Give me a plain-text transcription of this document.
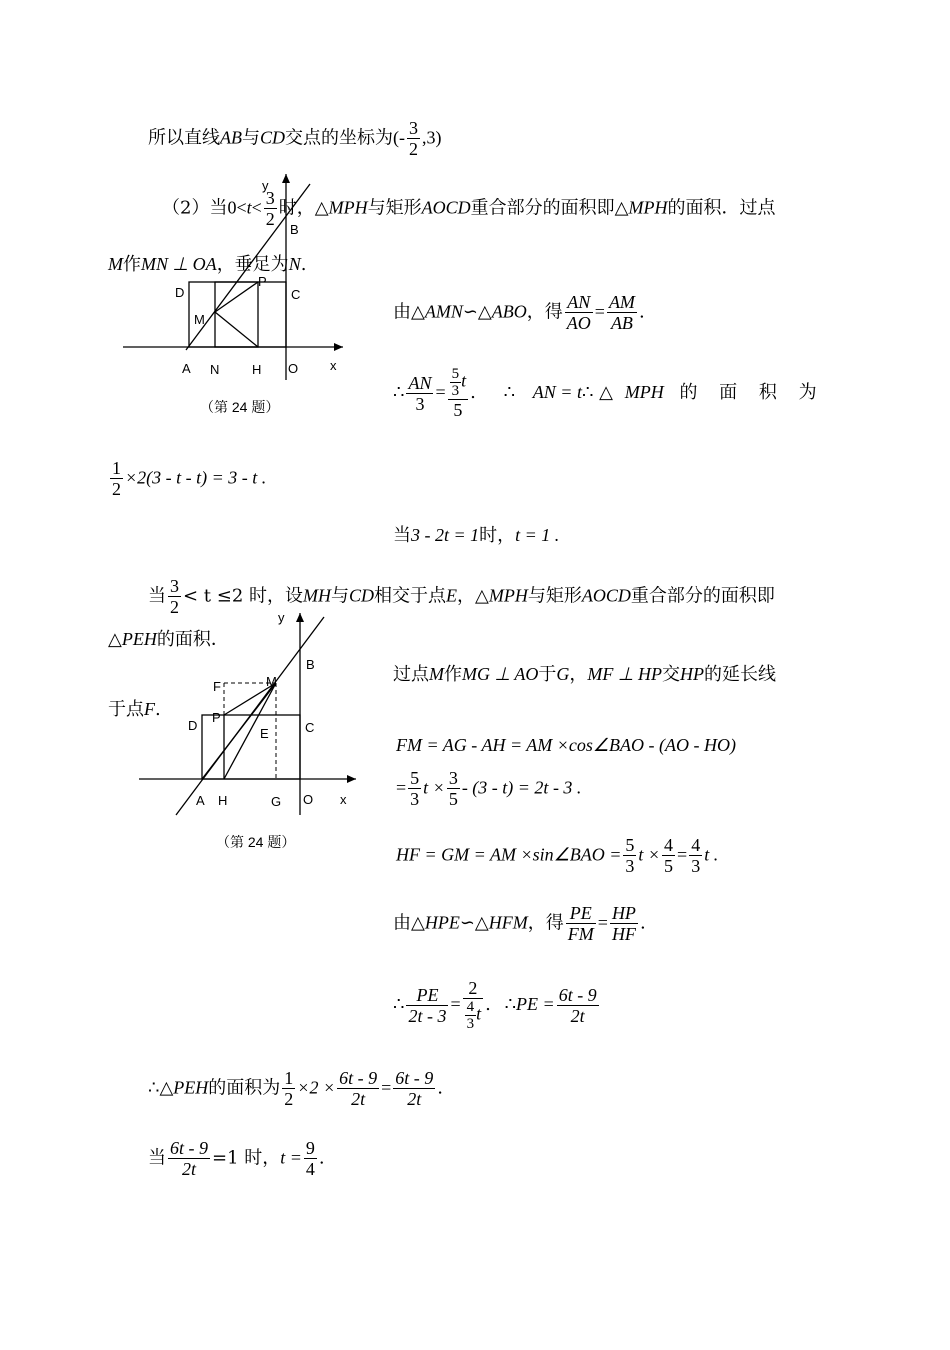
所以直线AB与CD交点的坐标为(- $\frac{3}{2} ,3$)
（2）当$0<t< \frac{3}{2}$ 时，△MPH与矩形AOCD重合部分的面积即△MPH的面积．过点
M作MN ⊥ OA，垂足为N.
y
x
B
D
P
C
M
A N	H O
（第 24 题）
由△AMN∽△ABO，得 $\frac{AN}{AO} = \frac{AM}{AB}$ .
∴ $\frac{AN}{3} = \frac{\frac{5}{3} t}{5}$ . ∴ AN = t∴ △ MPH 的 面 积 为
$\frac{1}{2} \times 2(3 - t - t) = 3 - t$ .
当3 - 2t = 1时，t = 1 .
当 $\frac{3}{2} < t \le 2$ 时，设MH与CD相交于点E，△MPH与矩形AOCD重合部分的面积即
△PEH的面积．
y
x
B
F	M
P
D	C
E
A H	G O
（第 24 题）
过点M作MG ⊥ AO于G，MF ⊥ HP交HP的延长线
于点F.
FM = AG - AH = AM ×cos∠BAO - (AO - HO)
= $\frac{5}{3}$ $t \times \frac{3}{5} - (3 - t) = 2t - 3$ .
HF = GM = AM ×sin∠BAO = $\frac{5}{3}$ $t \times \frac{4}{5} = \frac{4}{3}$ t .
由△HPE∽△HFM，得 $\frac{PE}{FM} = \frac{HP}{HF}$ .
∴ $\frac{PE}{2t - 3} = \frac{2}{\frac{4}{3} t}$ . ∴PE = $\frac{6t - 9}{2t}$
∴△PEH的面积为 $\frac{1}{2} \times 2 \times \frac{6t - 9}{2t} = \frac{6t - 9}{2t}$ .
当 $\frac{6t - 9}{2t} =1$ 时，$t = \frac{9}{4}$ .
